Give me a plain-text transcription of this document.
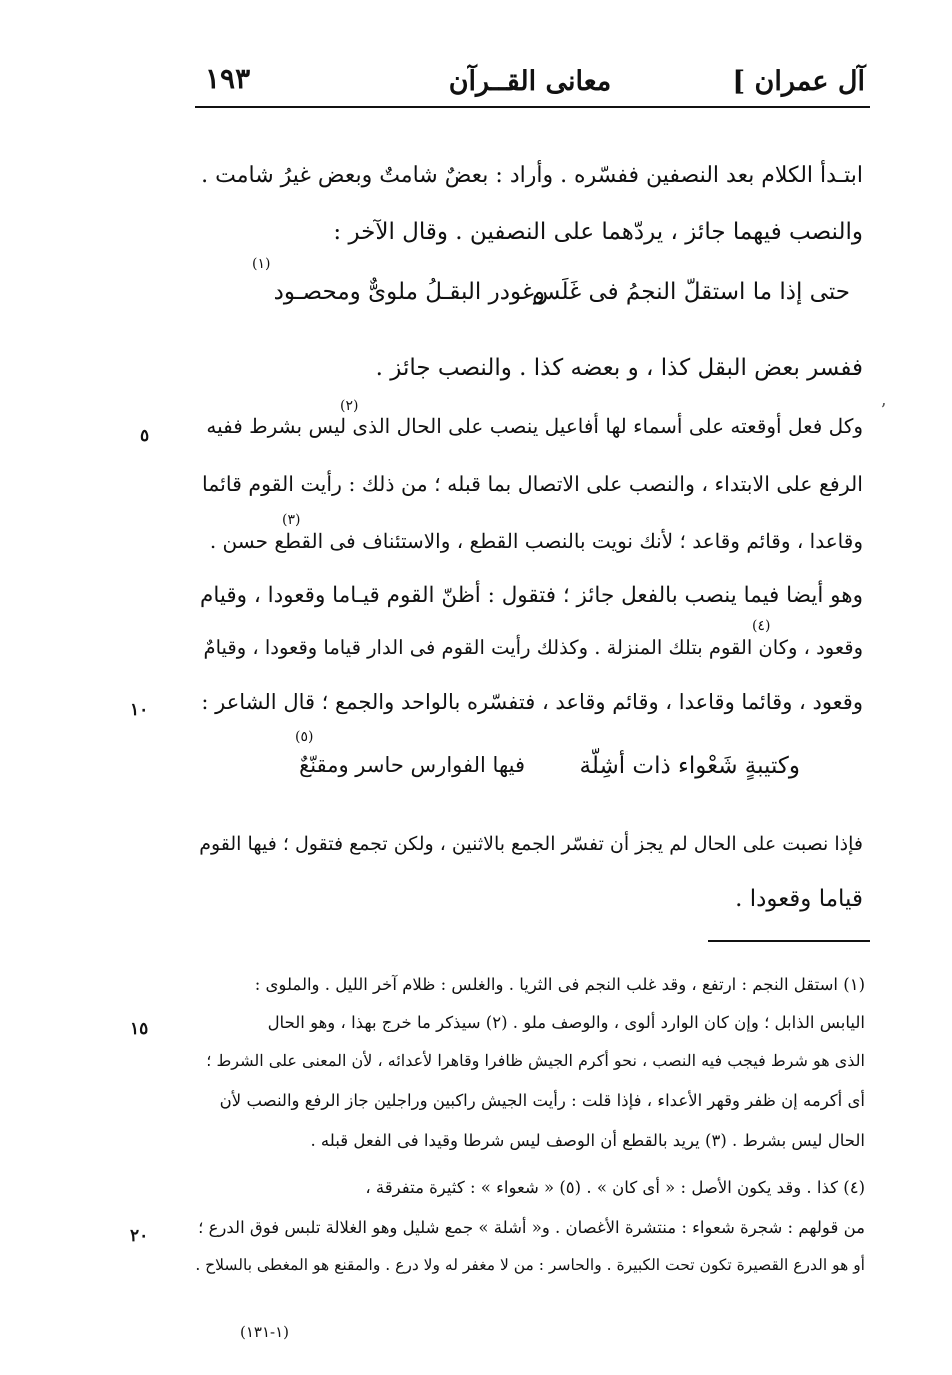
آل عمران ]
معانى القــرآن
١٩٣
ʼ
ابتـدأ الكلام بعد النصفين ففسّره . وأراد : بعضٌ شامتٌ وبعض غيرُ شامت .
والنصب فيهما جائز ، يردّهما على النصفين . وقال الآخر :
ففسر بعض البقل كذا ، و بعضه كذا . والنصب جائز .
وكل فعل أوقعته على أسماء لها أفاعيل ينصب على الحال الذى ليس بشرط ففيه
الرفع على الابتداء ، والنصب على الاتصال بما قبله ؛ من ذلك : رأيت القوم قائما
وقاعدا ، وقائم وقاعد ؛ لأنك نويت بالنصب القطع ، والاستئناف فى القطع حسن .
وهو أيضا فيما ينصب بالفعل جائز ؛ فتقول : أظنّ القوم قيـاما وقعودا ، وقيام
وقعود ، وكان القوم بتلك المنزلة . وكذلك رأيت القوم فى الدار قياما وقعودا ، وقيامٌ
وقعود ، وقائما وقاعدا ، وقائم وقاعد ، فتفسّره بالواحد والجمع ؛ قال الشاعر :
فإذا نصبت على الحال لم يجز أن تفسّر الجمع بالاثنين ، ولكن تجمع فتقول ؛ فيها القوم
قياما وقعودا .
حتى إذا ما استقلّ النجمُ فى غَلَس
وغودر البقـلُ ملوىٌّ ومحصـود
(١)
(٢)
(٣)
(٤)
وكتيبةٍ شَعْواء ذات أشِلّة
فيها الفوارس حاسر ومقنّعٌ
(٥)
٥
١٠
١٥
٢٠
(١) استقل النجم : ارتفع ، وقد غلب النجم فى الثريا . والغلس : ظلام آخر الليل . والملوى :
اليابس الذابل ؛ وإن كان الوارد ألوى ، والوصف ملو . (٢) سيذكر ما خرج بهذا ، وهو الحال
الذى هو شرط فيجب فيه النصب ، نحو أكرم الجيش ظافرا وقاهرا لأعدائه ، لأن المعنى على الشرط ؛
أى أكرمه إن ظفر وقهر الأعداء ، فإذا قلت : رأيت الجيش راكبين وراجلين جاز الرفع والنصب لأن
الحال ليس بشرط . (٣) يريد بالقطع أن الوصف ليس شرطا وقيدا فى الفعل قبله .
(٤) كذا . وقد يكون الأصل : « أى كان » . (٥) « شعواء » : كثيرة متفرقة ،
من قولهم : شجرة شعواء : منتشرة الأغصان . و« أشلة » جمع شليل وهو الغلالة تلبس فوق الدرع ؛
أو هو الدرع القصيرة تكون تحت الكبيرة . والحاسر : من لا مغفر له ولا درع . والمقنع هو المغطى بالسلاح .
(١-١٣١)
